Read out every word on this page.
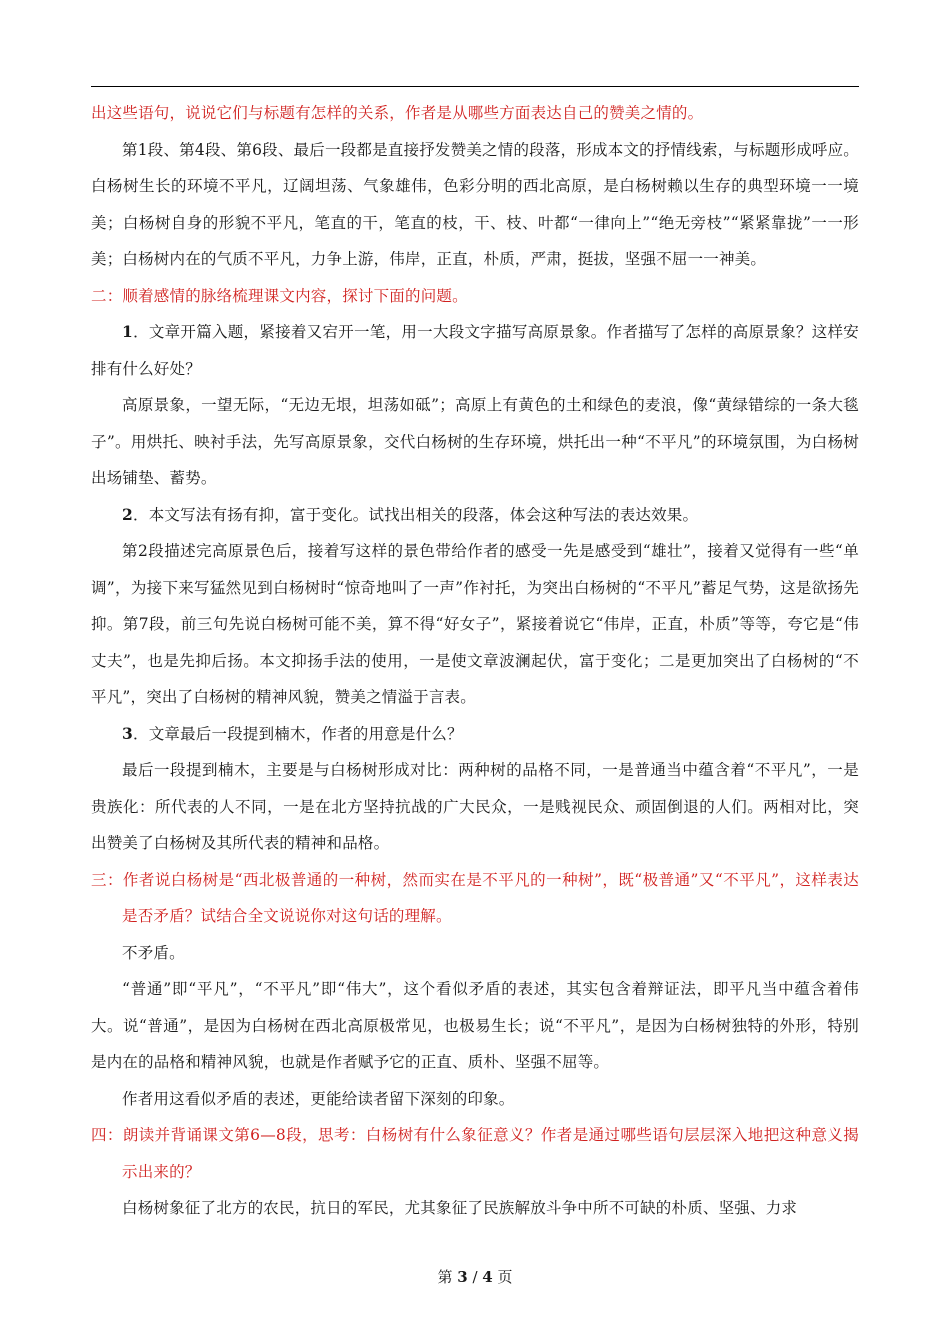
出这些语句，说说它们与标题有怎样的关系，作者是从哪些方面表达自己的赞美之情的。

第1段、第4段、第6段、最后一段都是直接抒发赞美之情的段落，形成本文的抒情线索，与标题形成呼应。白杨树生长的环境不平凡，辽阔坦荡、气象雄伟，色彩分明的西北高原，是白杨树赖以生存的典型环境一一境美；白杨树自身的形貌不平凡，笔直的干，笔直的枝，干、枝、叶都“一律向上”“绝无旁枝”“紧紧靠拢”一一形美；白杨树内在的气质不平凡，力争上游，伟岸，正直，朴质，严肃，挺拔，坚强不屈一一神美。

二：顺着感情的脉络梳理课文内容，探讨下面的问题。

1．文章开篇入题，紧接着又宕开一笔，用一大段文字描写高原景象。作者描写了怎样的高原景象？这样安排有什么好处？

高原景象，一望无际，“无边无垠，坦荡如砥”；高原上有黄色的土和绿色的麦浪，像“黄绿错综的一条大毯子”。用烘托、映衬手法，先写高原景象，交代白杨树的生存环境，烘托出一种“不平凡”的环境氛围，为白杨树出场铺垫、蓄势。

2．本文写法有扬有抑，富于变化。试找出相关的段落，体会这种写法的表达效果。

第2段描述完高原景色后，接着写这样的景色带给作者的感受一先是感受到“雄壮”，接着又觉得有一些“单调”，为接下来写猛然见到白杨树时“惊奇地叫了一声”作衬托，为突出白杨树的“不平凡”蓄足气势，这是欲扬先抑。第7段，前三句先说白杨树可能不美，算不得“好女子”，紧接着说它“伟岸，正直，朴质”等等，夸它是“伟丈夫”，也是先抑后扬。本文抑扬手法的使用，一是使文章波澜起伏，富于变化；二是更加突出了白杨树的“不平凡”，突出了白杨树的精神风貌，赞美之情溢于言表。

3．文章最后一段提到楠木，作者的用意是什么？

最后一段提到楠木，主要是与白杨树形成对比：两种树的品格不同，一是普通当中蕴含着“不平凡”，一是贵族化：所代表的人不同，一是在北方坚持抗战的广大民众，一是贱视民众、顽固倒退的人们。两相对比，突出赞美了白杨树及其所代表的精神和品格。

三：作者说白杨树是“西北极普通的一种树，然而实在是不平凡的一种树”，既“极普通”又“不平凡”，这样表达是否矛盾？试结合全文说说你对这句话的理解。

不矛盾。

“普通”即“平凡”，“不平凡”即“伟大”，这个看似矛盾的表述，其实包含着辩证法，即平凡当中蕴含着伟大。说“普通”，是因为白杨树在西北高原极常见，也极易生长；说“不平凡”，是因为白杨树独特的外形，特别是内在的品格和精神风貌，也就是作者赋予它的正直、质朴、坚强不屈等。

作者用这看似矛盾的表述，更能给读者留下深刻的印象。

四：朗读并背诵课文第6—8段，思考：白杨树有什么象征意义？作者是通过哪些语句层层深入地把这种意义揭示出来的？

白杨树象征了北方的农民，抗日的军民，尤其象征了民族解放斗争中所不可缺的朴质、坚强、力求

第 3 / 4 页
